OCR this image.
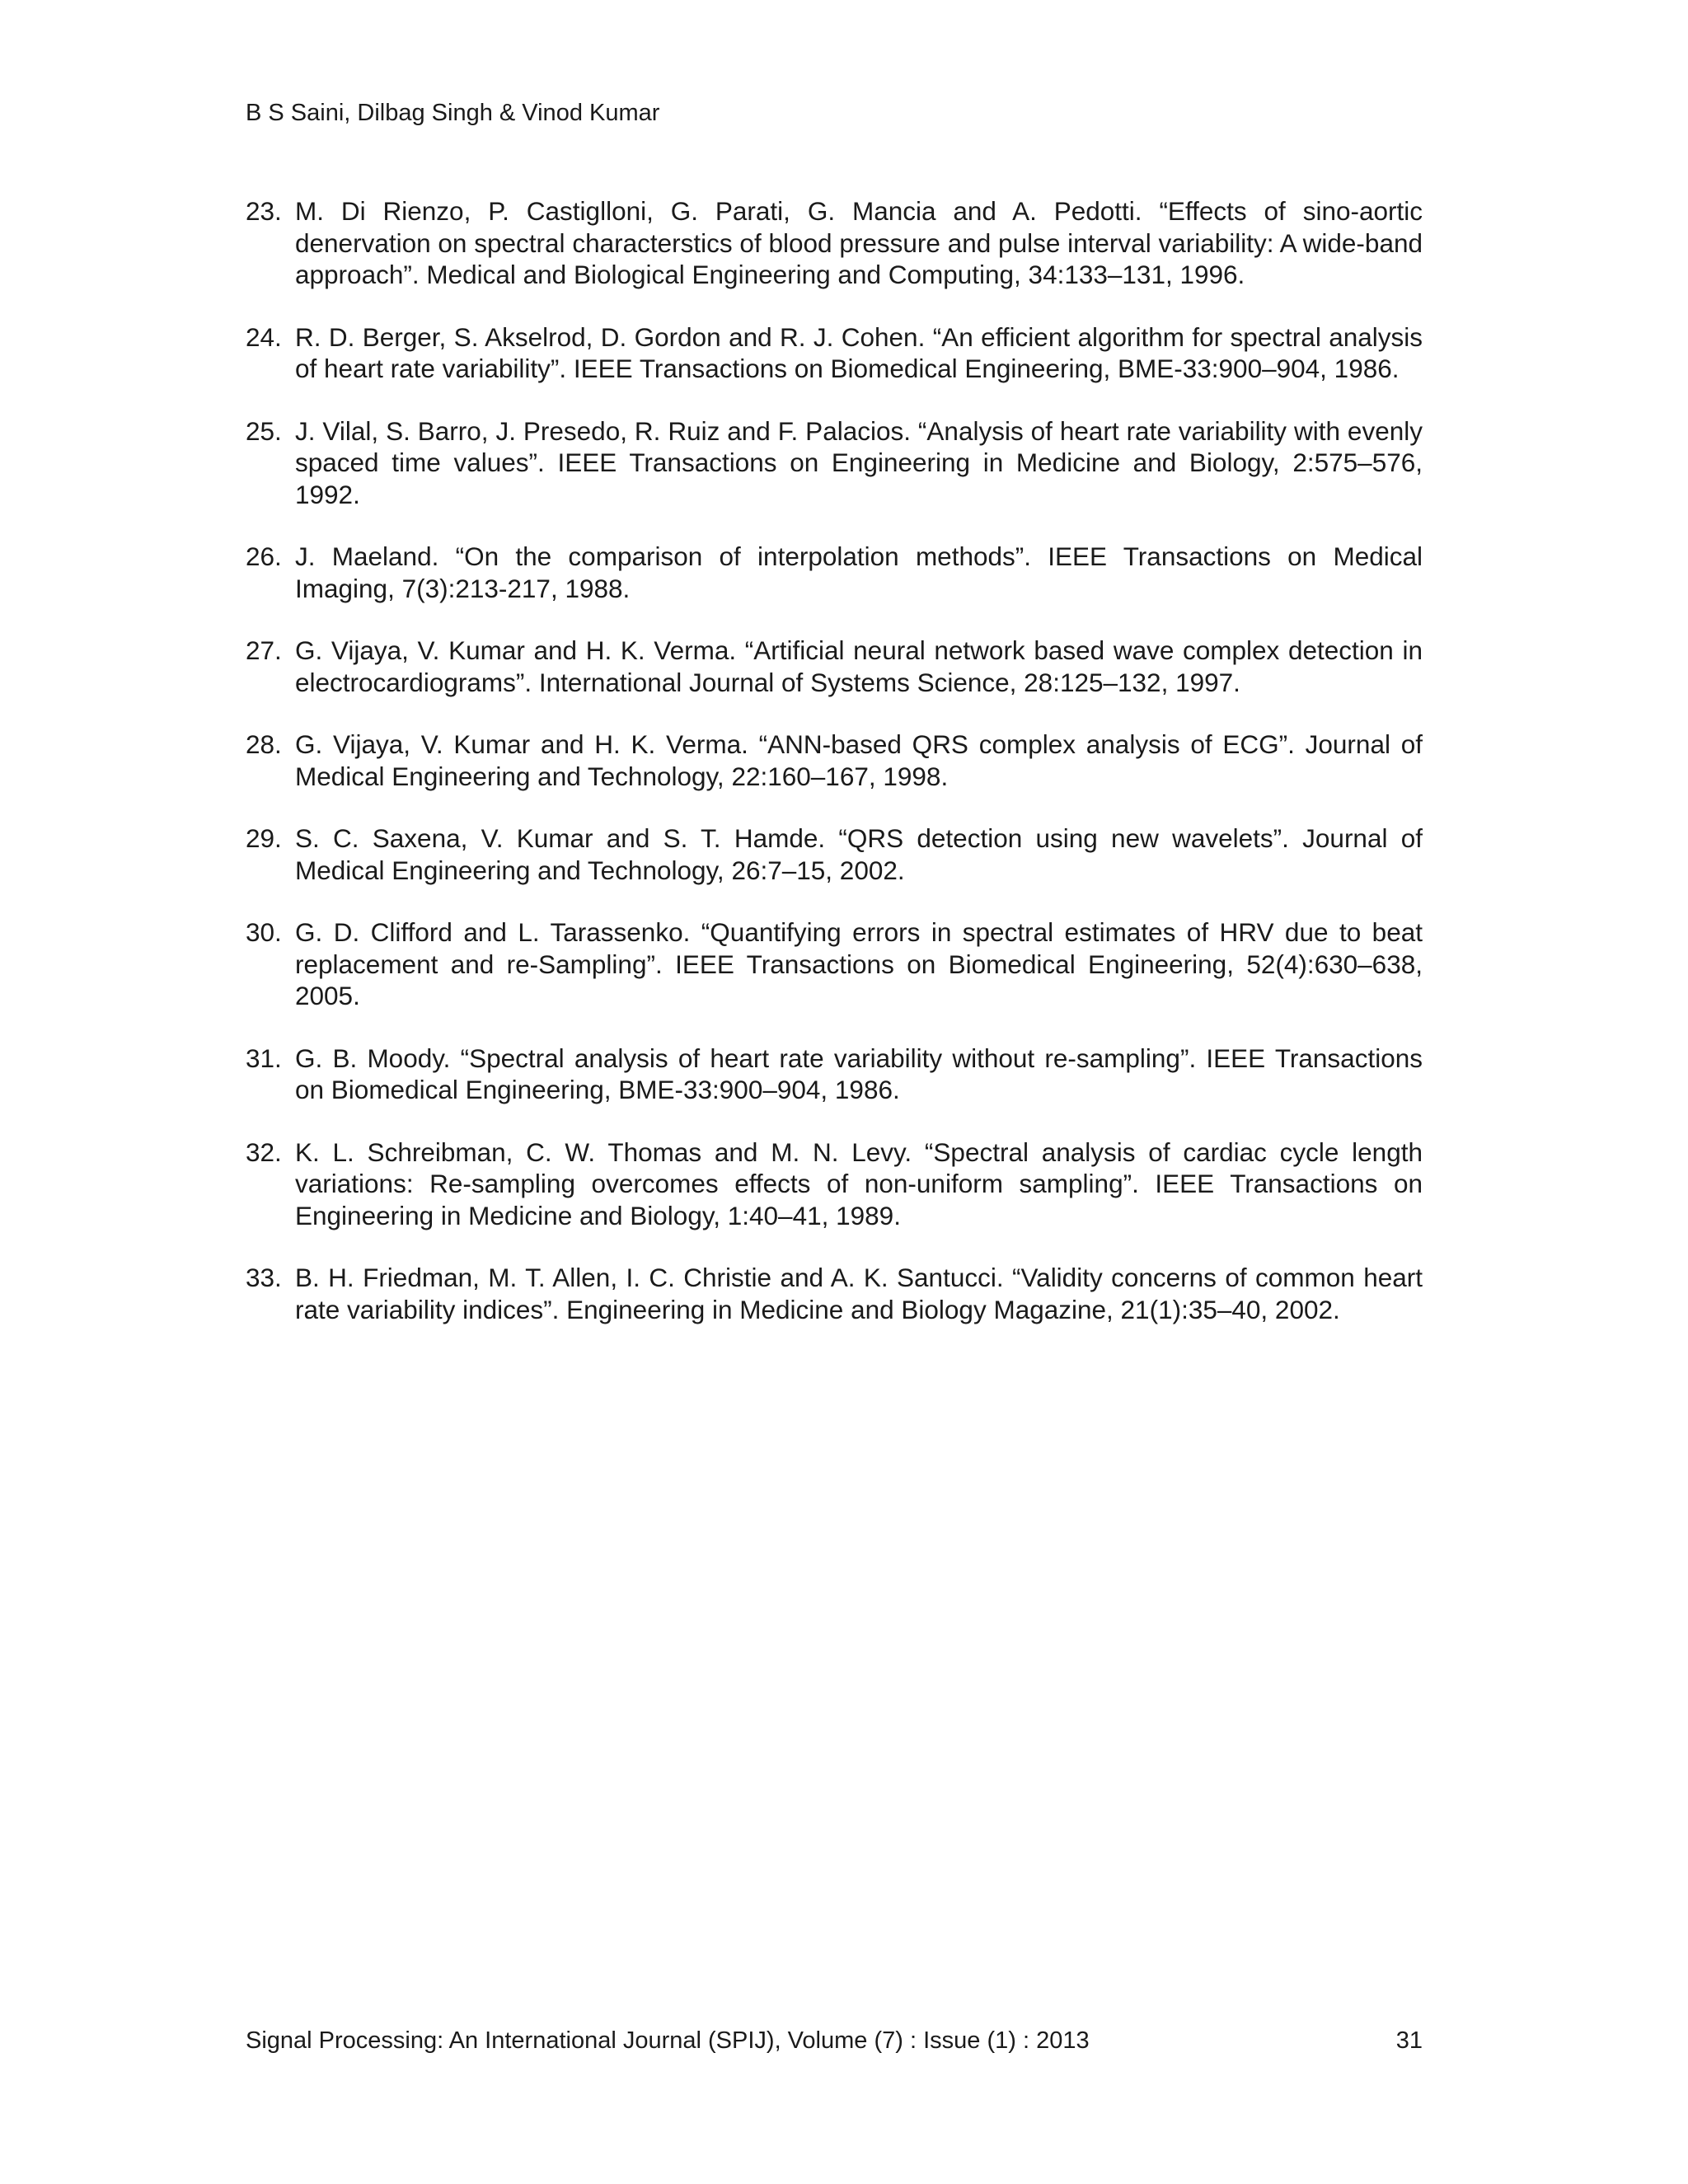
B S Saini, Dilbag Singh & Vinod Kumar
23. M. Di Rienzo, P. Castiglloni, G. Parati, G. Mancia and A. Pedotti. “Effects of sino-aortic denervation on spectral characterstics of blood pressure and pulse interval variability: A wide-band approach”. Medical and Biological Engineering and Computing, 34:133–131, 1996.
24. R. D. Berger, S. Akselrod, D. Gordon and R. J. Cohen. “An efficient algorithm for spectral analysis of heart rate variability”. IEEE Transactions on Biomedical Engineering, BME-33:900–904, 1986.
25. J. Vilal, S. Barro, J. Presedo, R. Ruiz and F. Palacios. “Analysis of heart rate variability with evenly spaced time values”. IEEE Transactions on Engineering in Medicine and Biology, 2:575–576, 1992.
26. J. Maeland. “On the comparison of interpolation methods”. IEEE Transactions on Medical Imaging, 7(3):213-217, 1988.
27. G. Vijaya, V. Kumar and H. K. Verma. “Artificial neural network based wave complex detection in electrocardiograms”. International Journal of Systems Science, 28:125–132, 1997.
28. G. Vijaya, V. Kumar and H. K. Verma. “ANN-based QRS complex analysis of ECG”. Journal of Medical Engineering and Technology, 22:160–167, 1998.
29. S. C. Saxena, V. Kumar and S. T. Hamde. “QRS detection using new wavelets”. Journal of Medical Engineering and Technology, 26:7–15, 2002.
30. G. D. Clifford and L. Tarassenko. “Quantifying errors in spectral estimates of HRV due to beat replacement and re-Sampling”. IEEE Transactions on Biomedical Engineering, 52(4):630–638, 2005.
31. G. B. Moody. “Spectral analysis of heart rate variability without re-sampling”. IEEE Transactions on Biomedical Engineering, BME-33:900–904, 1986.
32. K. L. Schreibman, C. W. Thomas and M. N. Levy. “Spectral analysis of cardiac cycle length variations: Re-sampling overcomes effects of non-uniform sampling”. IEEE Transactions on Engineering in Medicine and Biology, 1:40–41, 1989.
33. B. H. Friedman, M. T. Allen, I. C. Christie and A. K. Santucci. “Validity concerns of common heart rate variability indices”. Engineering in Medicine and Biology Magazine, 21(1):35–40, 2002.
Signal Processing: An International Journal (SPIJ), Volume (7) : Issue (1) : 2013	31
